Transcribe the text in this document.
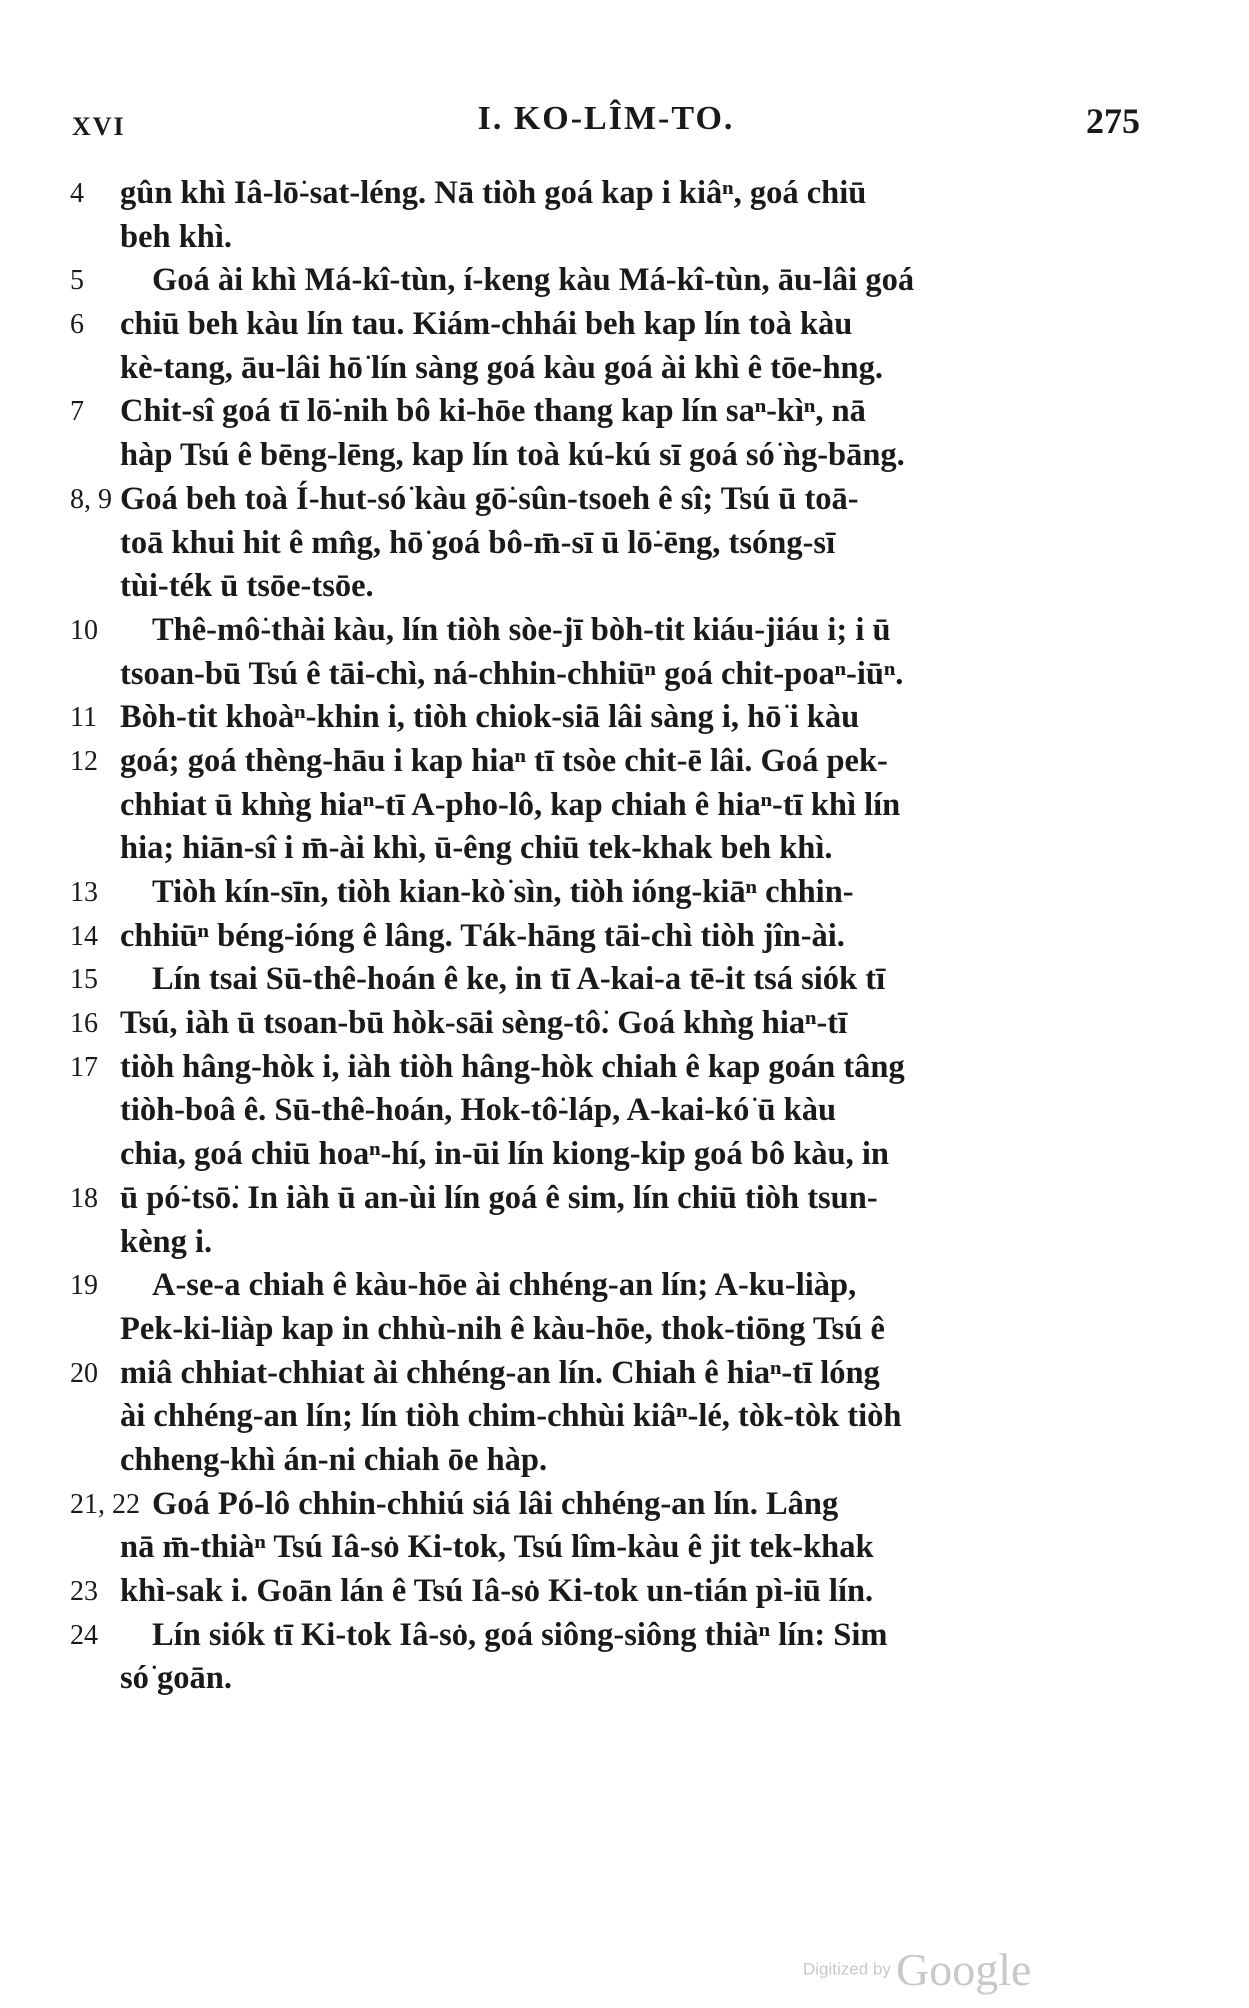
XVI	I. KO-LÎM-TO.	275
4	gûn khì Iâ-lō͘-sat-léng. Nā tiòh goá kap i kiâⁿ, goá chiū
beh khì.
5	Goá ài khì Má-kî-tùn, í-keng kàu Má-kî-tùn, āu-lâi goá
6	chiū beh kàu lín tau. Kiám-chhái beh kap lín toà kàu
kè-tang, āu-lâi hō͘ lín sàng goá kàu goá ài khì ê tōe-hng.
7	Chit-sî goá tī lō͘-nih bô ki-hōe thang kap lín saⁿ-kìⁿ, nā
hàp Tsú ê bēng-lēng, kap lín toà kú-kú sī goá só͘ ǹg-bāng.
8, 9 Goá beh toà Í-hut-só͘ kàu gō͘-sûn-tsoeh ê sî; Tsú ū toā-
toā khui hit ê mn̂g, hō͘ goá bô-m̄-sī ū lō͘-ēng, tsóng-sī
tùi-ték ū tsōe-tsōe.
10	Thê-mô͘-thài kàu, lín tiòh sòe-jī bòh-tit kiáu-jiáu i; i ū
tsoan-bū Tsú ê tāi-chì, ná-chhin-chhiūⁿ goá chit-poaⁿ-iūⁿ.
11 Bòh-tit khoàⁿ-khin i, tiòh chiok-siā lâi sàng i, hō͘ i kàu
12 goá; goá thèng-hāu i kap hiaⁿ tī tsòe chit-ē lâi. Goá pek-
chhiat ū khǹg hiaⁿ-tī A-pho-lô, kap chiah ê hiaⁿ-tī khì lín
hia; hiān-sî i m̄-ài khì, ū-êng chiū tek-khak beh khì.
13	Tiòh kín-sīn, tiòh kian-kò͘ sìn, tiòh ióng-kiāⁿ chhin-
14 chhiūⁿ béng-ióng ê lâng. Ták-hāng tāi-chì tiòh jîn-ài.
15	Lín tsai Sū-thê-hoán ê ke, in tī A-kai-a tē-it tsá siók tī
16 Tsú, iàh ū tsoan-bū hòk-sāi sèng-tô͘. Goá khǹg hiaⁿ-tī
17 tiòh hâng-hòk i, iàh tiòh hâng-hòk chiah ê kap goán tâng
tiòh-boâ ê. Sū-thê-hoán, Hok-tô͘-láp, A-kai-kó͘ ū kàu
chia, goá chiū hoaⁿ-hí, in-ūi lín kiong-kip goá bô kàu, in
18 ū pó͘-tsō͘. In iàh ū an-ùi lín goá ê sim, lín chiū tiòh tsun-
kèng i.
19	A-se-a chiah ê kàu-hōe ài chhéng-an lín; A-ku-liàp,
Pek-ki-liàp kap in chhù-nih ê kàu-hōe, thok-tiōng Tsú ê
20 miâ chhiat-chhiat ài chhéng-an lín. Chiah ê hiaⁿ-tī lóng
ài chhéng-an lín; lín tiòh chim-chhùi kiâⁿ-lé, tòk-tòk tiòh
chheng-khì án-ni chiah ōe hàp.
21, 22 Goá Pó-lô chhin-chhiú siá lâi chhéng-an lín. Lâng
nā m̄-thiàⁿ Tsú Iâ-so͘ Ki-tok, Tsú lîm-kàu ê jit tek-khak
23 khì-sak i. Goān lán ê Tsú Iâ-so͘ Ki-tok un-tián pì-iū lín.
24	Lín siók tī Ki-tok Iâ-so͘, goá siông-siông thiàⁿ lín: Sim
só͘ goān.
Digitized by Google
